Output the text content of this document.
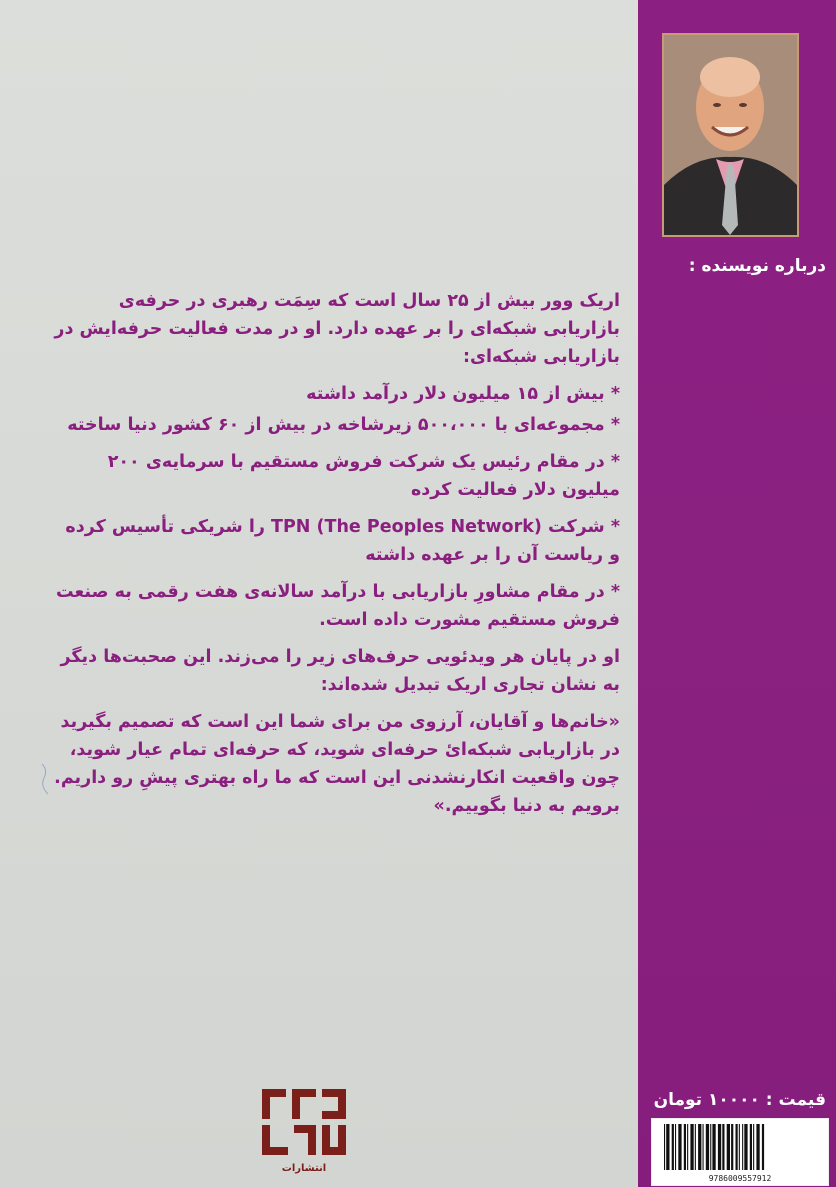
درباره نویسنده :

اریک وور بیش از ۲۵ سال است که سِمَت رهبری در حرفه‌ی بازاریابی شبکه‌ای را بر عهده دارد. او در مدت فعالیت حرفه‌ایش در بازاریابی شبکه‌ای:

* بیش از ۱۵ میلیون دلار درآمد داشته

* مجموعه‌ای با ۵۰۰،۰۰۰ زیرشاخه در بیش از ۶۰ کشور دنیا ساخته

* در مقام رئیس یک شرکت فروش مستقیم با سرمایه‌ی ۲۰۰ میلیون دلار فعالیت کرده

* شرکت TPN (The Peoples Network) را شریکی تأسیس کرده و ریاست آن را بر عهده داشته

* در مقام مشاورِ بازاریابی با درآمد سالانه‌ی هفت رقمی به صنعت فروش مستقیم مشورت داده است.

او در پایان هر ویدئویی حرف‌های زیر را می‌زند. این صحبت‌ها دیگر به نشان تجاری اریک تبدیل شده‌اند:

«خانم‌ها و آقایان، آرزوی من برای شما این است که تصمیم بگیرید در بازاریابی شبکه‌ایٔ حرفه‌ای شوید، که حرفه‌ای تمام عیار شوید، چون واقعیت انکارنشدنی این است که ما راه بهتری پیشِ رو داریم. برویم به دنیا بگوییم.»

انتشارات
قیمت : ۱۰۰۰۰ تومان
9786009557912
